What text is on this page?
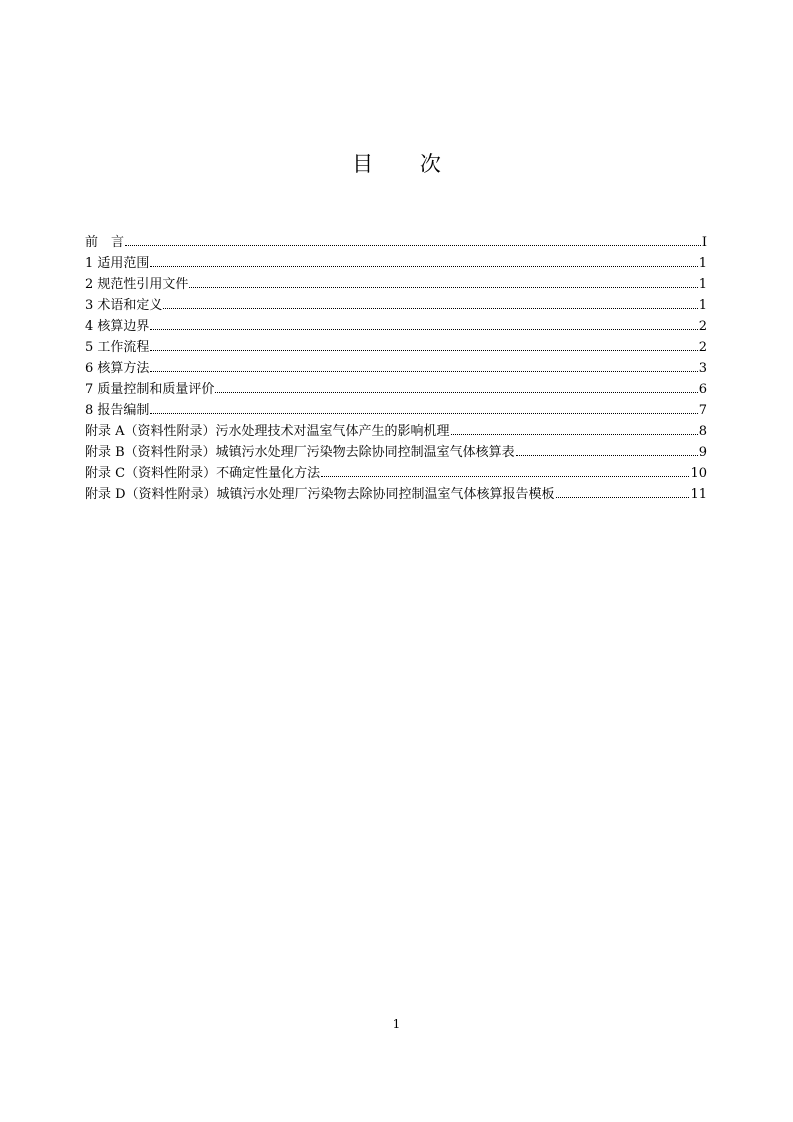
目 次
前　言	I
1 适用范围	1
2 规范性引用文件	1
3 术语和定义	1
4 核算边界	2
5 工作流程	2
6 核算方法	3
7 质量控制和质量评价	6
8 报告编制	7
附录 A（资料性附录）污水处理技术对温室气体产生的影响机理	8
附录 B（资料性附录）城镇污水处理厂污染物去除协同控制温室气体核算表	9
附录 C（资料性附录）不确定性量化方法	10
附录 D（资料性附录）城镇污水处理厂污染物去除协同控制温室气体核算报告模板	11
1
